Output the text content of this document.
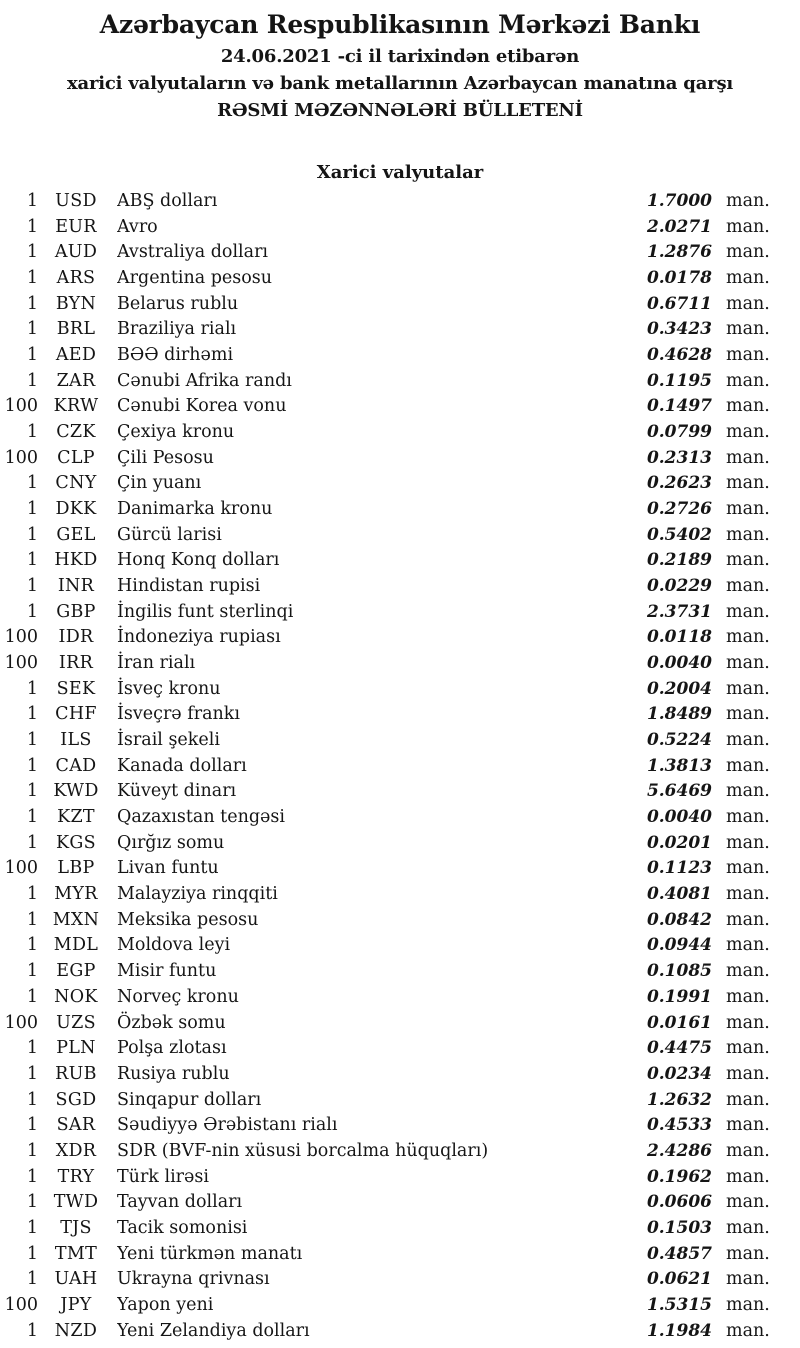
Azərbaycan Respublikasının Mərkəzi Bankı
24.06.2021 -ci il tarixindən etibarən
xarici valyutaların və bank metallarının Azərbaycan manatına qarşı
RƏSMİ MƏZƏNNƏLƏRİ BÜLLETENİ
Xarici valyutalar
1 USD	ABŞ dolları	1.7000 man.
1 EUR	Avro	2.0271 man.
1 AUD	Avstraliya dolları	1.2876 man.
1	ARS	Argentina pesosu	0.0178 man.
1	BYN	Belarus rublu	0.6711 man.
1	BRL	Braziliya rialı	0.3423 man.
1	AED	BƏƏ dirhəmi	0.4628 man.
1	ZAR	Cənubi Afrika randı	0.1195 man.
100 KRW	Cənubi Korea vonu	0.1497 man.
1	CZK	Çexiya kronu	0.0799 man.
100	CLP	Çili Pesosu	0.2313 man.
1 CNY	Çin yuanı	0.2623 man.
1 DKK	Danimarka kronu	0.2726 man.
1	GEL	Gürcü larisi	0.5402 man.
1 HKD	Honq Konq dolları	0.2189 man.
1	INR	Hindistan rupisi	0.0229 man.
1	GBP	İngilis funt sterlinqi	2.3731 man.
100	IDR	İndoneziya rupiası	0.0118 man.
100	IRR	İran rialı	0.0040 man.
1	SEK	İsveç kronu	0.2004 man.
1 CHF	İsveçrə frankı	1.8489 man.
1	ILS	İsrail şekeli	0.5224 man.
1	CAD	Kanada dolları	1.3813 man.
1 KWD	Küveyt dinarı	5.6469 man.
1	KZT	Qazaxıstan tengəsi	0.0040 man.
1	KGS	Qırğız somu	0.0201 man.
100	LBP	Livan funtu	0.1123 man.
1 MYR	Malayziya rinqqiti	0.4081 man.
1 MXN	Meksika pesosu	0.0842 man.
1 MDL	Moldova leyi	0.0944 man.
1	EGP	Misir funtu	0.1085 man.
1 NOK	Norveç kronu	0.1991 man.
100	UZS	Özbək somu	0.0161 man.
1	PLN	Polşa zlotası	0.4475 man.
1 RUB	Rusiya rublu	0.0234 man.
1	SGD	Sinqapur dolları	1.2632 man.
1	SAR	Səudiyyə Ərəbistanı rialı	0.4533 man.
1	XDR	SDR (BVF-nin xüsusi borcalma hüquqları)	2.4286 man.
1	TRY	Türk lirəsi	0.1962 man.
1 TWD	Tayvan dolları	0.0606 man.
1	TJS	Tacik somonisi	0.1503 man.
1 TMT	Yeni türkmən manatı	0.4857 man.
1 UAH	Ukrayna qrivnası	0.0621 man.
100	JPY	Yapon yeni	1.5315 man.
1 NZD	Yeni Zelandiya dolları	1.1984 man.
